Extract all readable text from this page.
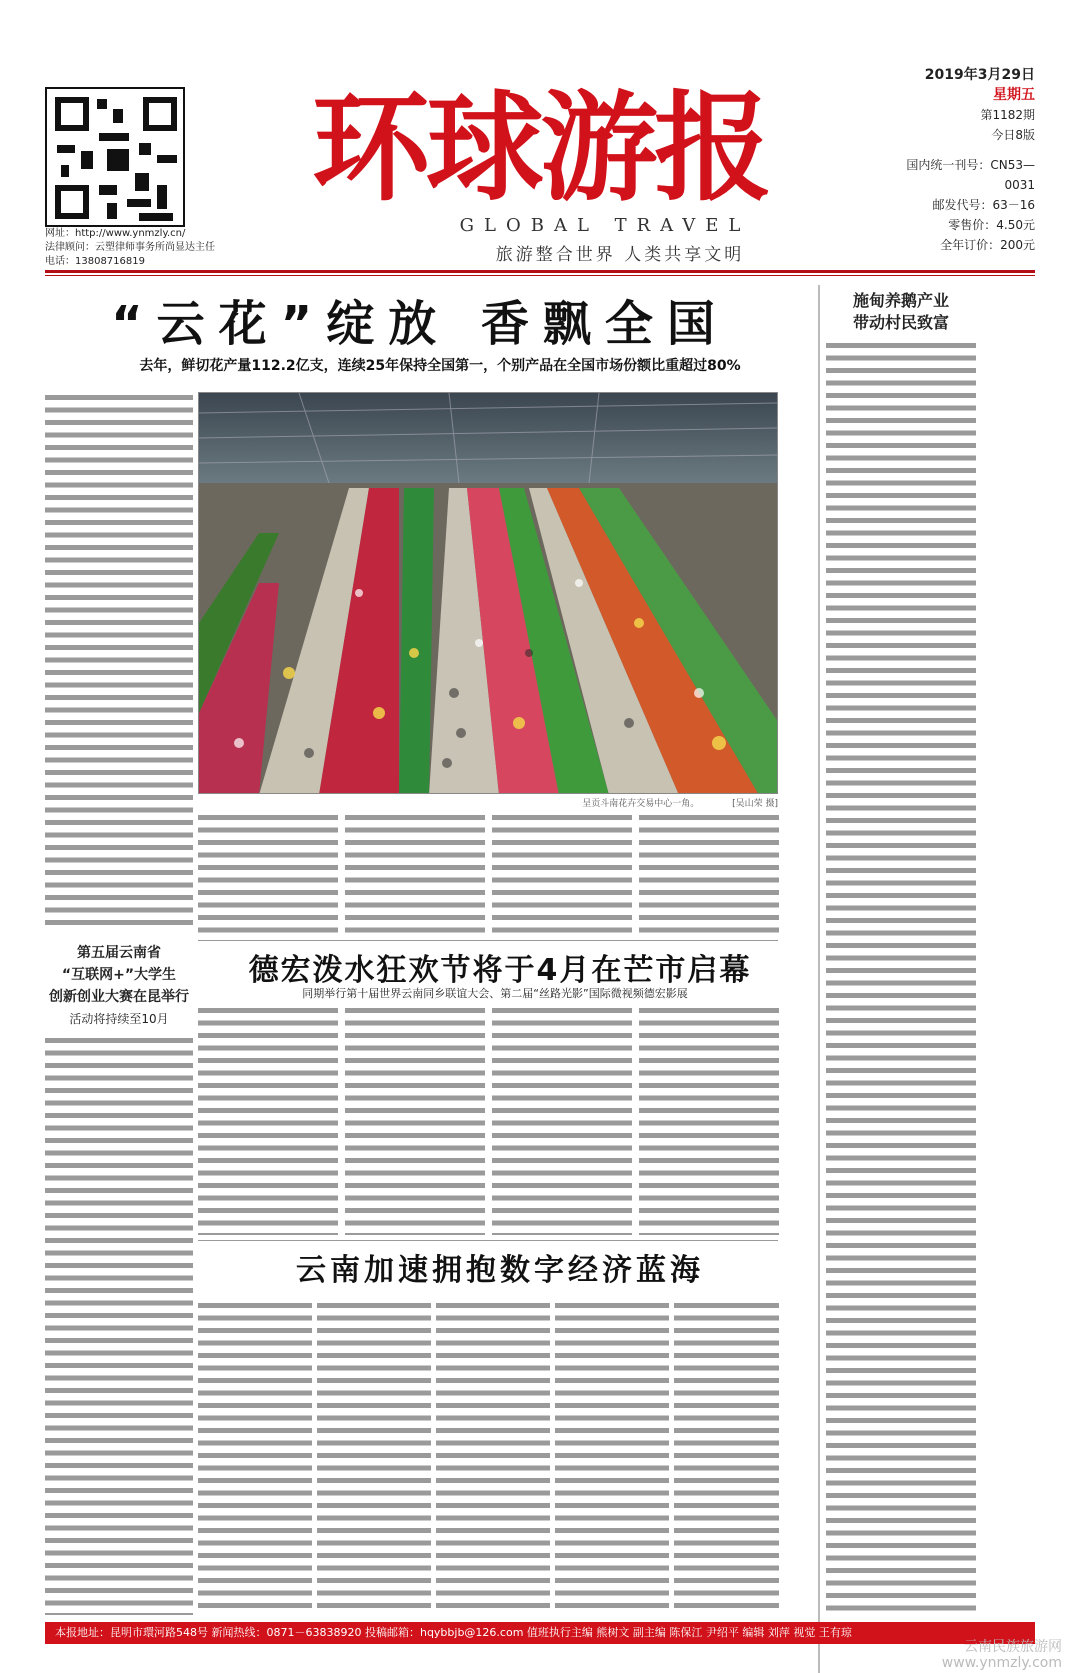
网址：http://www.ynmzly.cn/
法律顾问：云塑律师事务所尚显达主任
电话：13808716819
环球游报
GLOBAL TRAVEL
旅游整合世界 人类共享文明
2019年3月29日
星期五
第1182期
今日8版
国内统一刊号：CN53—0031
邮发代号：63－16
零售价：4.50元
全年订价：200元
“云花”绽放 香飘全国
去年，鲜切花产量112.2亿支，连续25年保持全国第一，个别产品在全国市场份额比重超过80%
施甸养鹅产业
带动村民致富
呈贡斗南花卉交易中心一角。	[吴山荣 摄]
第五届云南省
“互联网+”大学生
创新创业大赛在昆举行
活动将持续至10月
德宏泼水狂欢节将于4月在芒市启幕
同期举行第十届世界云南同乡联谊大会、第二届“丝路光影”国际微视频德宏影展
云南加速拥抱数字经济蓝海
本报地址：昆明市環河路548号 新闻热线：0871－63838920 投稿邮箱：hqybbjb@126.com 值班执行主编 熊树文 副主编 陈保江 尹绍平 编辑 刘萍 视觉 王有琼
云南民族旅游网
www.ynmzly.com
